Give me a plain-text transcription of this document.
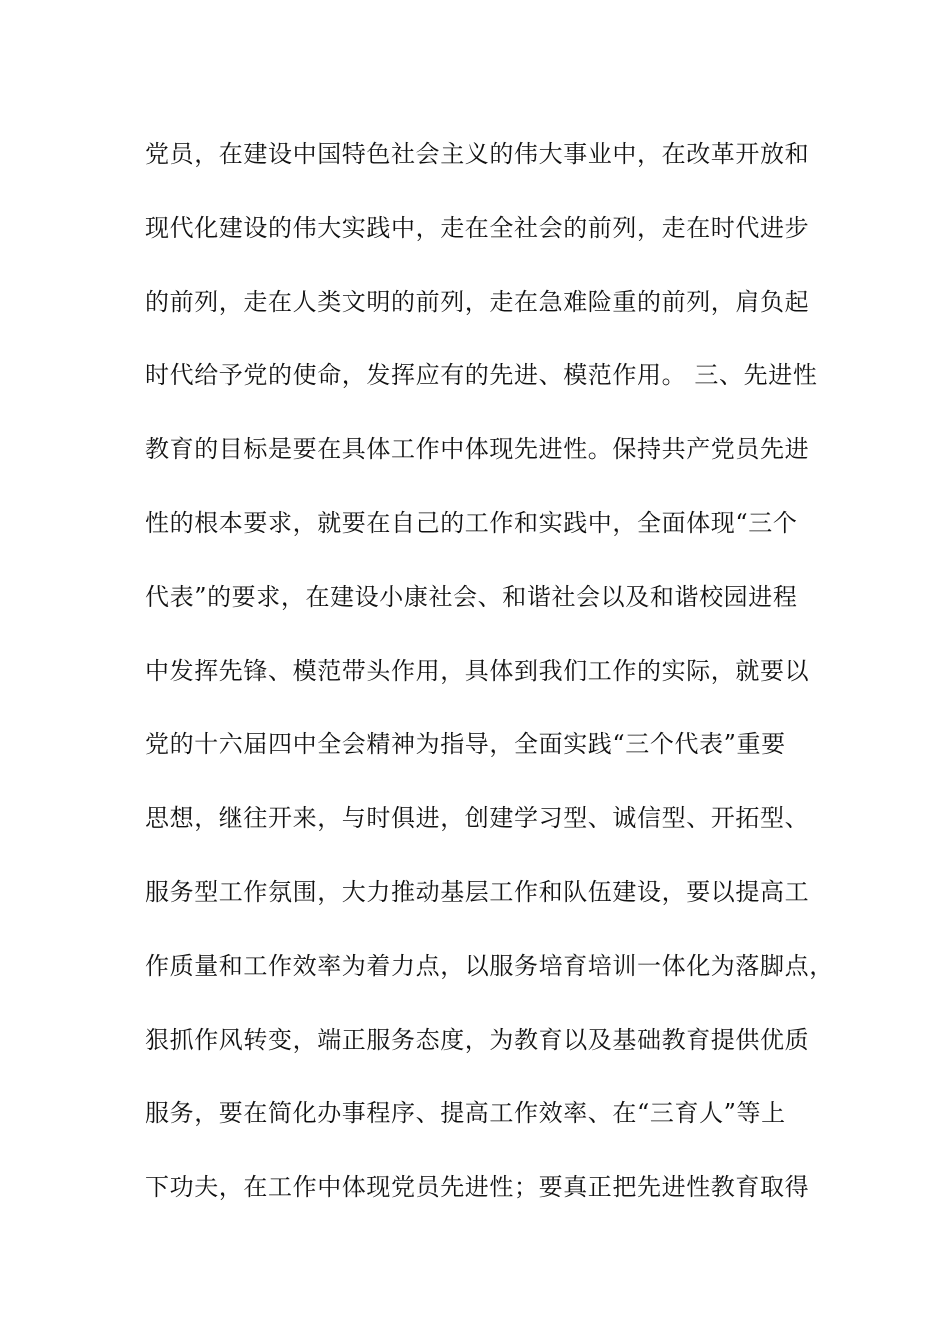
党员，在建设中国特色社会主义的伟大事业中，在改革开放和
现代化建设的伟大实践中，走在全社会的前列，走在时代进步
的前列，走在人类文明的前列，走在急难险重的前列，肩负起
时代给予党的使命，发挥应有的先进、模范作用。 三、先进性
教育的目标是要在具体工作中体现先进性。保持共产党员先进
性的根本要求，就要在自己的工作和实践中，全面体现“三个
代表”的要求，在建设小康社会、和谐社会以及和谐校园进程
中发挥先锋、模范带头作用，具体到我们工作的实际，就要以
党的十六届四中全会精神为指导，全面实践“三个代表”重要
思想，继往开来，与时俱进，创建学习型、诚信型、开拓型、
服务型工作氛围，大力推动基层工作和队伍建设，要以提高工
作质量和工作效率为着力点，以服务培育培训一体化为落脚点，
狠抓作风转变，端正服务态度，为教育以及基础教育提供优质
服务，要在简化办事程序、提高工作效率、在“三育人”等上
下功夫，在工作中体现党员先进性；要真正把先进性教育取得
